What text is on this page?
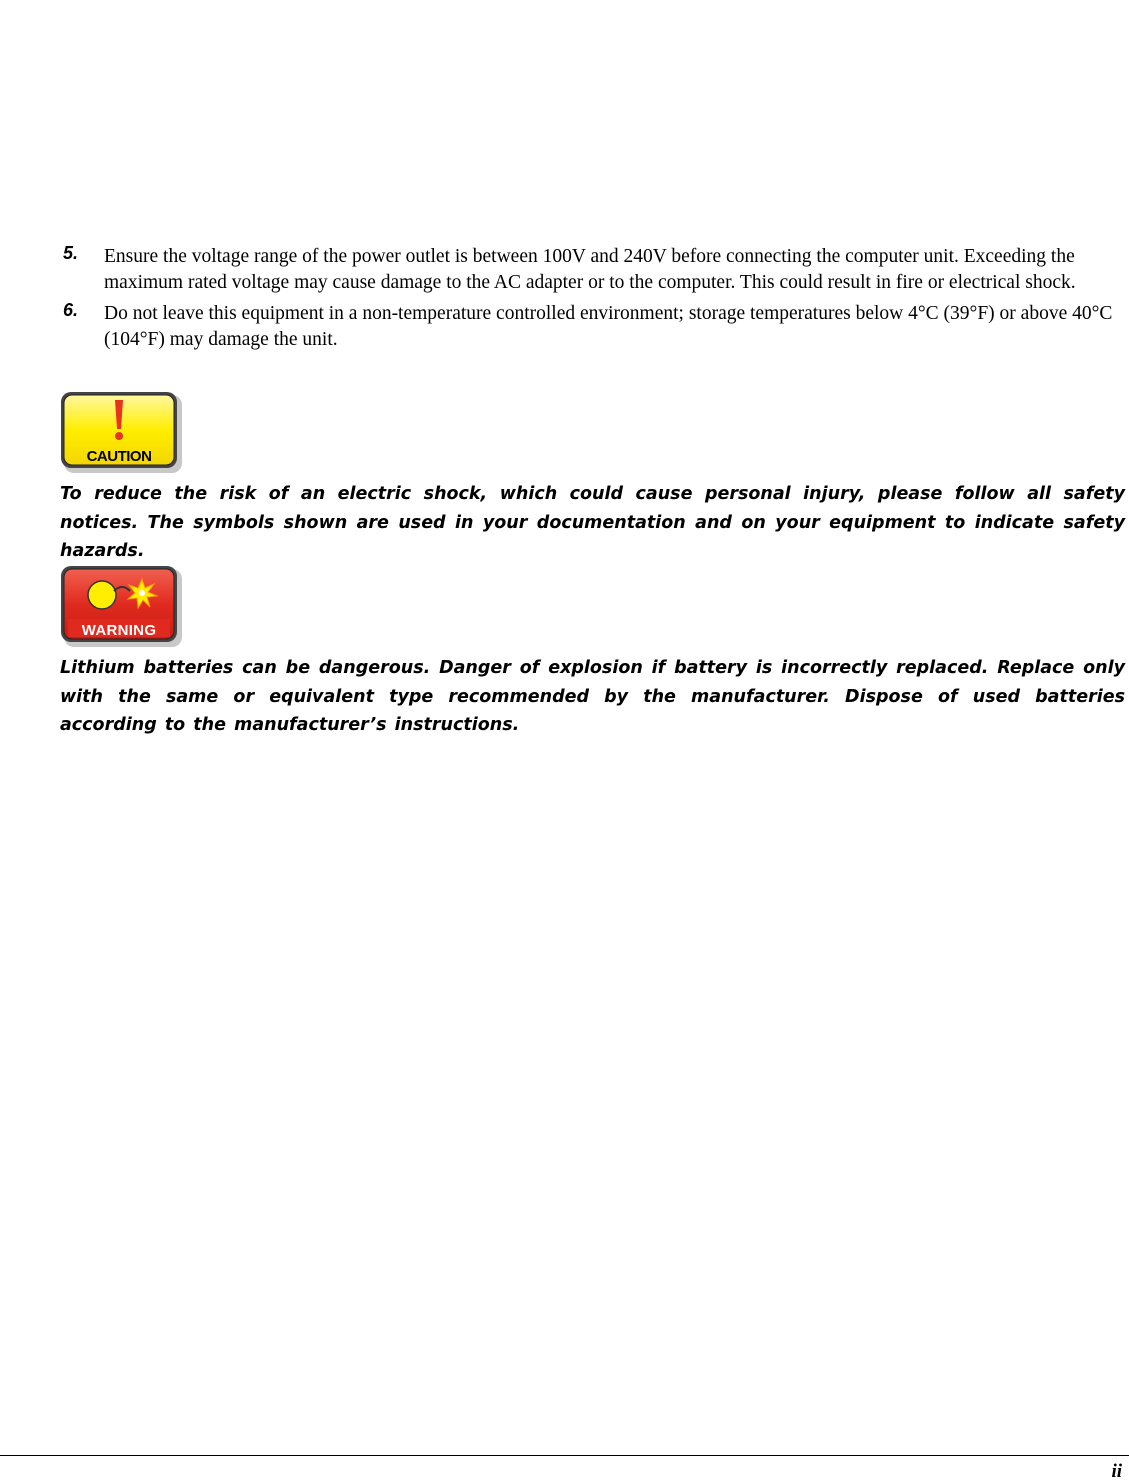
5. Ensure the voltage range of the power outlet is between 100V and 240V before connecting the computer unit. Exceeding the maximum rated voltage may cause damage to the AC adapter or to the computer. This could result in fire or electrical shock.
6. Do not leave this equipment in a non-temperature controlled environment; storage temperatures below 4°C (39°F) or above 40°C (104°F) may damage the unit.
CAUTION

To reduce the risk of an electric shock, which could cause personal injury, please follow all safety notices. The symbols shown are used in your documentation and on your equipment to indicate safety hazards.

WARNING

Lithium batteries can be dangerous. Danger of explosion if battery is incorrectly replaced. Replace only with the same or equivalent type recommended by the manufacturer. Dispose of used batteries according to the manufacturer’s instructions.

ii
